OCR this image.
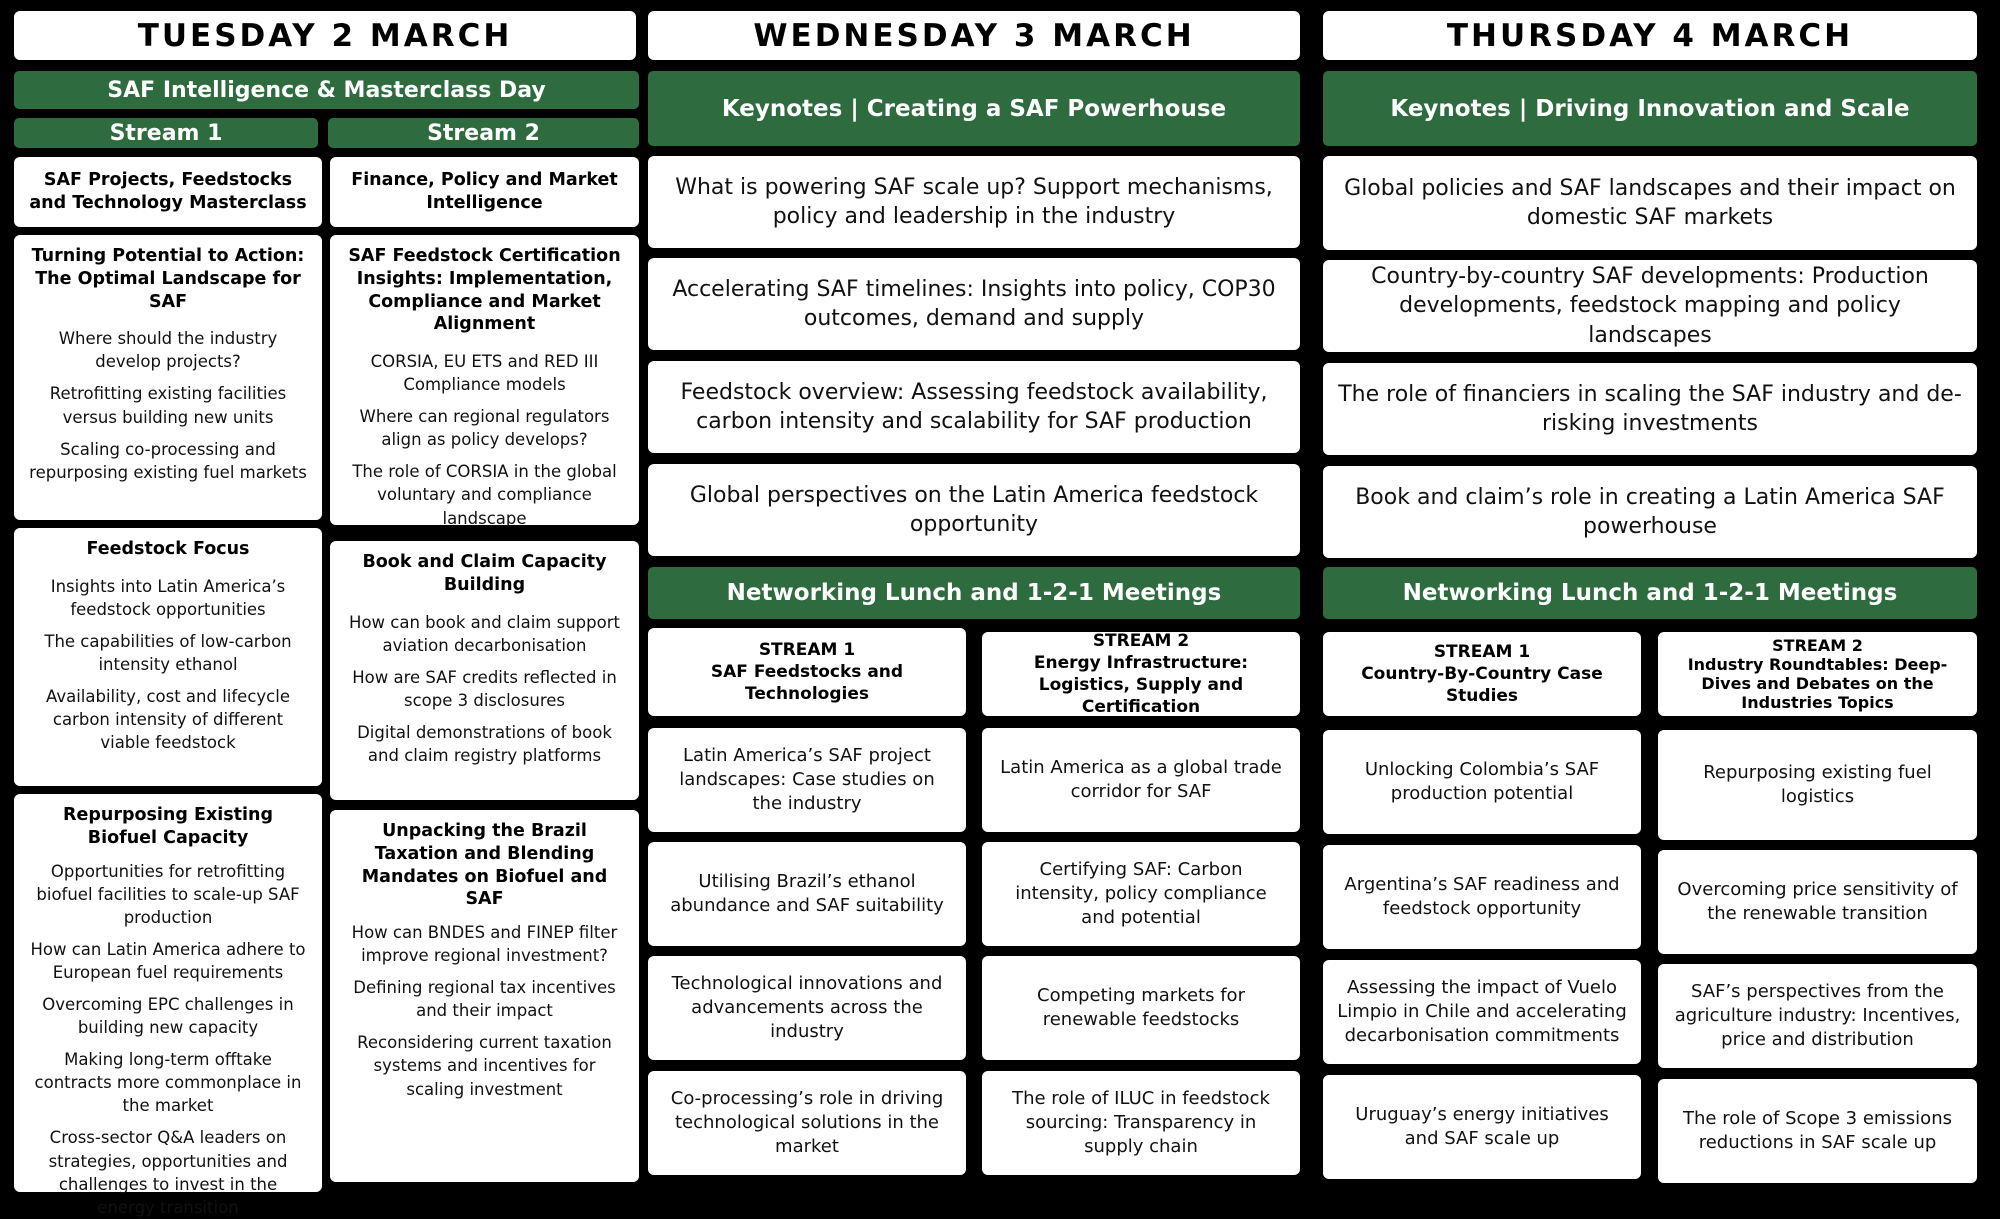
TUESDAY 2 MARCH	WEDNESDAY 3 MARCH	THURSDAY 4 MARCH
SAF Intelligence & Masterclass Day
Stream 1	Stream 2
SAF Projects, Feedstocks and Technology Masterclass
Turning Potential to Action: The Optimal Landscape for SAF
Where should the industry develop projects?
Retrofitting existing facilities versus building new units
Scaling co-processing and repurposing existing fuel markets
Feedstock Focus
Insights into Latin America’s feedstock opportunities
The capabilities of low-carbon intensity ethanol
Availability, cost and lifecycle carbon intensity of different viable feedstock
Repurposing Existing Biofuel Capacity
Opportunities for retrofitting biofuel facilities to scale-up SAF production
How can Latin America adhere to European fuel requirements
Overcoming EPC challenges in building new capacity
Making long-term offtake contracts more commonplace in the market
Cross-sector Q&A leaders on strategies, opportunities and challenges to invest in the energy transition
Finance, Policy and Market Intelligence
SAF Feedstock Certification Insights: Implementation, Compliance and Market Alignment
CORSIA, EU ETS and RED III Compliance models
Where can regional regulators align as policy develops?
The role of CORSIA in the global voluntary and compliance landscape
Book and Claim Capacity Building
How can book and claim support aviation decarbonisation
How are SAF credits reflected in scope 3 disclosures
Digital demonstrations of book and claim registry platforms
Unpacking the Brazil Taxation and Blending Mandates on Biofuel and SAF
How can BNDES and FINEP filter improve regional investment?
Defining regional tax incentives and their impact
Reconsidering current taxation systems and incentives for scaling investment
Keynotes | Creating a SAF Powerhouse
What is powering SAF scale up? Support mechanisms, policy and leadership in the industry
Accelerating SAF timelines: Insights into policy, COP30 outcomes, demand and supply
Feedstock overview: Assessing feedstock availability, carbon intensity and scalability for SAF production
Global perspectives on the Latin America feedstock opportunity
Networking Lunch and 1-2-1 Meetings
STREAM 1
SAF Feedstocks and Technologies
STREAM 2
Energy Infrastructure: Logistics, Supply and Certification
Latin America’s SAF project landscapes: Case studies on the industry
Utilising Brazil’s ethanol abundance and SAF suitability
Technological innovations and advancements across the industry
Co-processing’s role in driving technological solutions in the market
Latin America as a global trade corridor for SAF
Certifying SAF: Carbon intensity, policy compliance and potential
Competing markets for renewable feedstocks
The role of ILUC in feedstock sourcing: Transparency in supply chain
Keynotes | Driving Innovation and Scale
Global policies and SAF landscapes and their impact on domestic SAF markets
Country-by-country SAF developments: Production developments, feedstock mapping and policy landscapes
The role of financiers in scaling the SAF industry and de-risking investments
Book and claim’s role in creating a Latin America SAF powerhouse
Networking Lunch and 1-2-1 Meetings
STREAM 1
Country-By-Country Case Studies
STREAM 2
Industry Roundtables: Deep-Dives and Debates on the Industries Topics
Unlocking Colombia’s SAF production potential
Argentina’s SAF readiness and feedstock opportunity
Assessing the impact of Vuelo Limpio in Chile and accelerating decarbonisation commitments
Uruguay’s energy initiatives and SAF scale up
Repurposing existing fuel logistics
Overcoming price sensitivity of the renewable transition
SAF’s perspectives from the agriculture industry: Incentives, price and distribution
The role of Scope 3 emissions reductions in SAF scale up
